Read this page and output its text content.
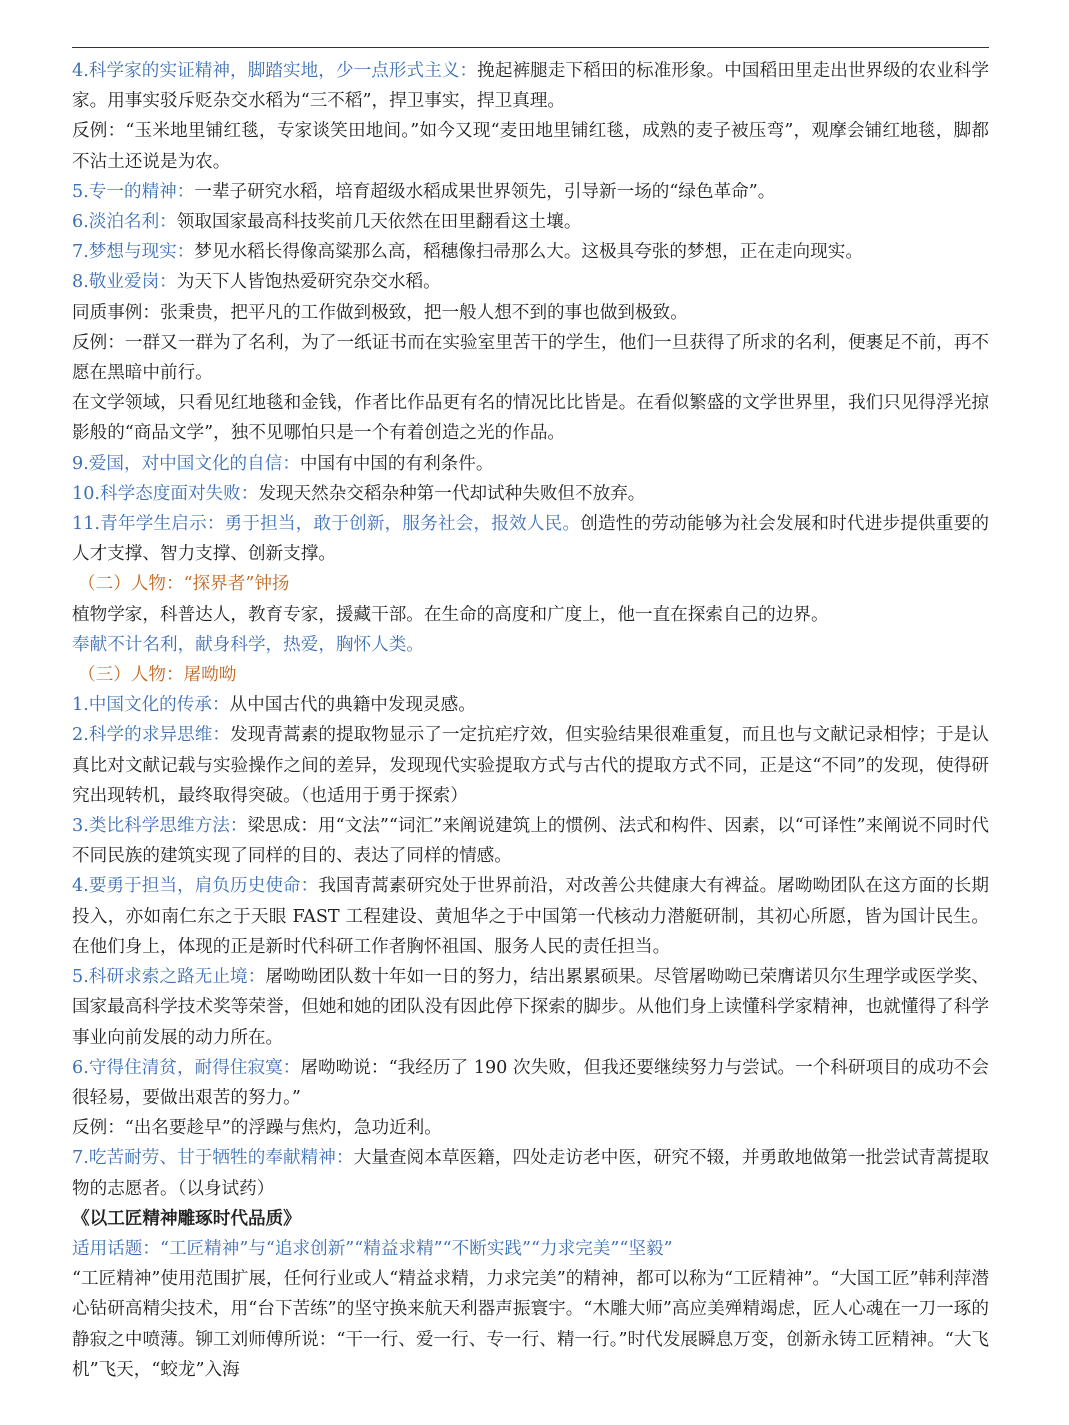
4.科学家的实证精神，脚踏实地，少一点形式主义：挽起裤腿走下稻田的标准形象。中国稻田里走出世界级的农业科学家。用事实驳斥贬杂交水稻为“三不稻”，捍卫事实，捍卫真理。

反例：“玉米地里铺红毯，专家谈笑田地间。”如今又现“麦田地里铺红毯，成熟的麦子被压弯”，观摩会铺红地毯，脚都不沾土还说是为农。

5.专一的精神：一辈子研究水稻，培育超级水稻成果世界领先，引导新一场的“绿色革命”。

6.淡泊名利：领取国家最高科技奖前几天依然在田里翻看这土壤。

7.梦想与现实：梦见水稻长得像高粱那么高，稻穗像扫帚那么大。这极具夸张的梦想，正在走向现实。

8.敬业爱岗：为天下人皆饱热爱研究杂交水稻。

同质事例：张秉贵，把平凡的工作做到极致，把一般人想不到的事也做到极致。

反例：一群又一群为了名利，为了一纸证书而在实验室里苦干的学生，他们一旦获得了所求的名利，便裹足不前，再不愿在黑暗中前行。

在文学领域，只看见红地毯和金钱，作者比作品更有名的情况比比皆是。在看似繁盛的文学世界里，我们只见得浮光掠影般的“商品文学”，独不见哪怕只是一个有着创造之光的作品。

9.爱国，对中国文化的自信：中国有中国的有利条件。

10.科学态度面对失败：发现天然杂交稻杂种第一代却试种失败但不放弃。

11.青年学生启示：勇于担当，敢于创新，服务社会，报效人民。创造性的劳动能够为社会发展和时代进步提供重要的人才支撑、智力支撑、创新支撑。

（二）人物：“探界者”钟扬

植物学家，科普达人，教育专家，援藏干部。在生命的高度和广度上，他一直在探索自己的边界。

奉献不计名利，献身科学，热爱，胸怀人类。

（三）人物：屠呦呦

1.中国文化的传承：从中国古代的典籍中发现灵感。

2.科学的求异思维：发现青蒿素的提取物显示了一定抗疟疗效，但实验结果很难重复，而且也与文献记录相悖；于是认真比对文献记载与实验操作之间的差异，发现现代实验提取方式与古代的提取方式不同，正是这“不同”的发现，使得研究出现转机，最终取得突破。（也适用于勇于探索）

3.类比科学思维方法：梁思成：用“文法”“词汇”来阐说建筑上的惯例、法式和构件、因素，以“可译性”来阐说不同时代不同民族的建筑实现了同样的目的、表达了同样的情感。

4.要勇于担当，肩负历史使命：我国青蒿素研究处于世界前沿，对改善公共健康大有裨益。屠呦呦团队在这方面的长期投入，亦如南仁东之于天眼 FAST 工程建设、黄旭华之于中国第一代核动力潜艇研制，其初心所愿，皆为国计民生。在他们身上，体现的正是新时代科研工作者胸怀祖国、服务人民的责任担当。

5.科研求索之路无止境：屠呦呦团队数十年如一日的努力，结出累累硕果。尽管屠呦呦已荣膺诺贝尔生理学或医学奖、国家最高科学技术奖等荣誉，但她和她的团队没有因此停下探索的脚步。从他们身上读懂科学家精神，也就懂得了科学事业向前发展的动力所在。

6.守得住清贫，耐得住寂寞：屠呦呦说：“我经历了 190 次失败，但我还要继续努力与尝试。一个科研项目的成功不会很轻易，要做出艰苦的努力。”

反例：“出名要趁早”的浮躁与焦灼，急功近利。

7.吃苦耐劳、甘于牺牲的奉献精神：大量查阅本草医籍，四处走访老中医，研究不辍，并勇敢地做第一批尝试青蒿提取物的志愿者。（以身试药）

《以工匠精神雕琢时代品质》

适用话题：“工匠精神”与“追求创新”“精益求精”“不断实践”“力求完美”“坚毅”

“工匠精神”使用范围扩展，任何行业或人“精益求精，力求完美”的精神，都可以称为“工匠精神”。“大国工匠”韩利萍潜心钻研高精尖技术，用“台下苦练”的坚守换来航天利器声振寰宇。“木雕大师”高应美殚精竭虑，匠人心魂在一刀一琢的静寂之中喷薄。铆工刘师傅所说：“干一行、爱一行、专一行、精一行。”时代发展瞬息万变，创新永铸工匠精神。“大飞机”飞天，“蛟龙”入海
